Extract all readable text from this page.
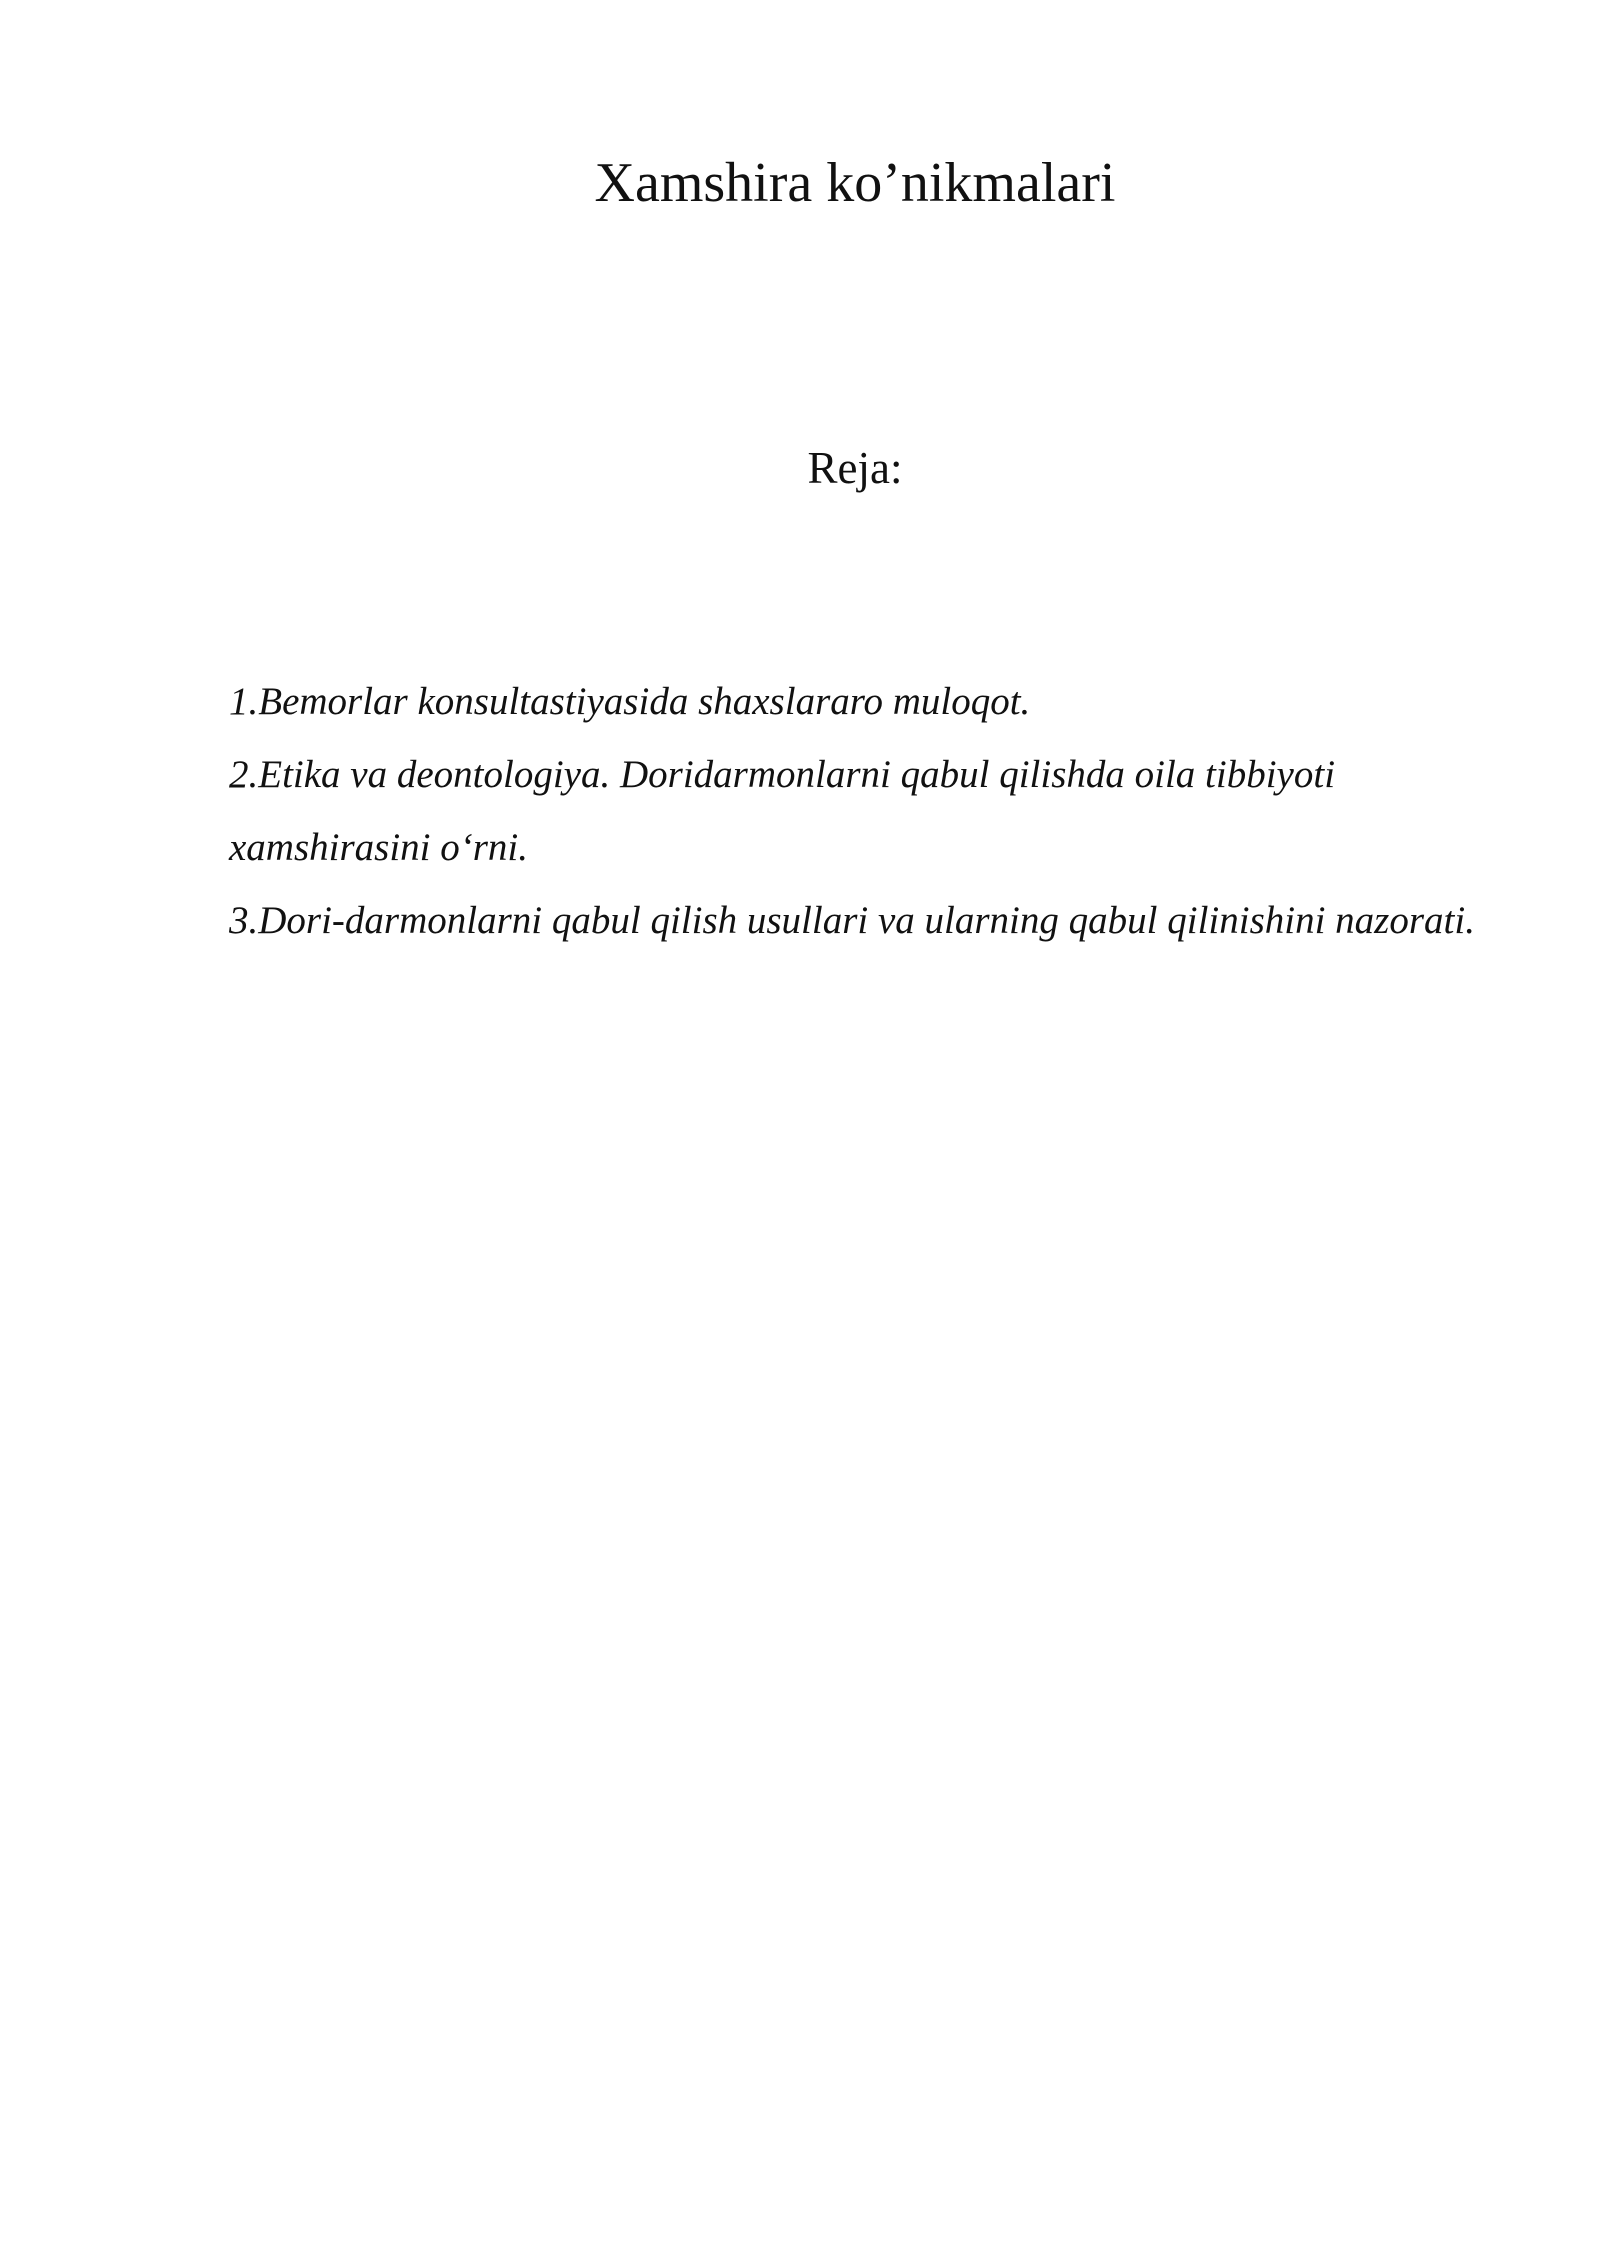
Xamshira ko’nikmalari
Reja:
1.Bemorlar konsultastiyasida shaxslararo muloqot.
2.Etika va deontologiya. Doridarmonlarni qabul qilishda oila tibbiyoti xamshirasini o‘rni.
3.Dori-darmonlarni qabul qilish usullari va ularning qabul qilinishini nazorati.
